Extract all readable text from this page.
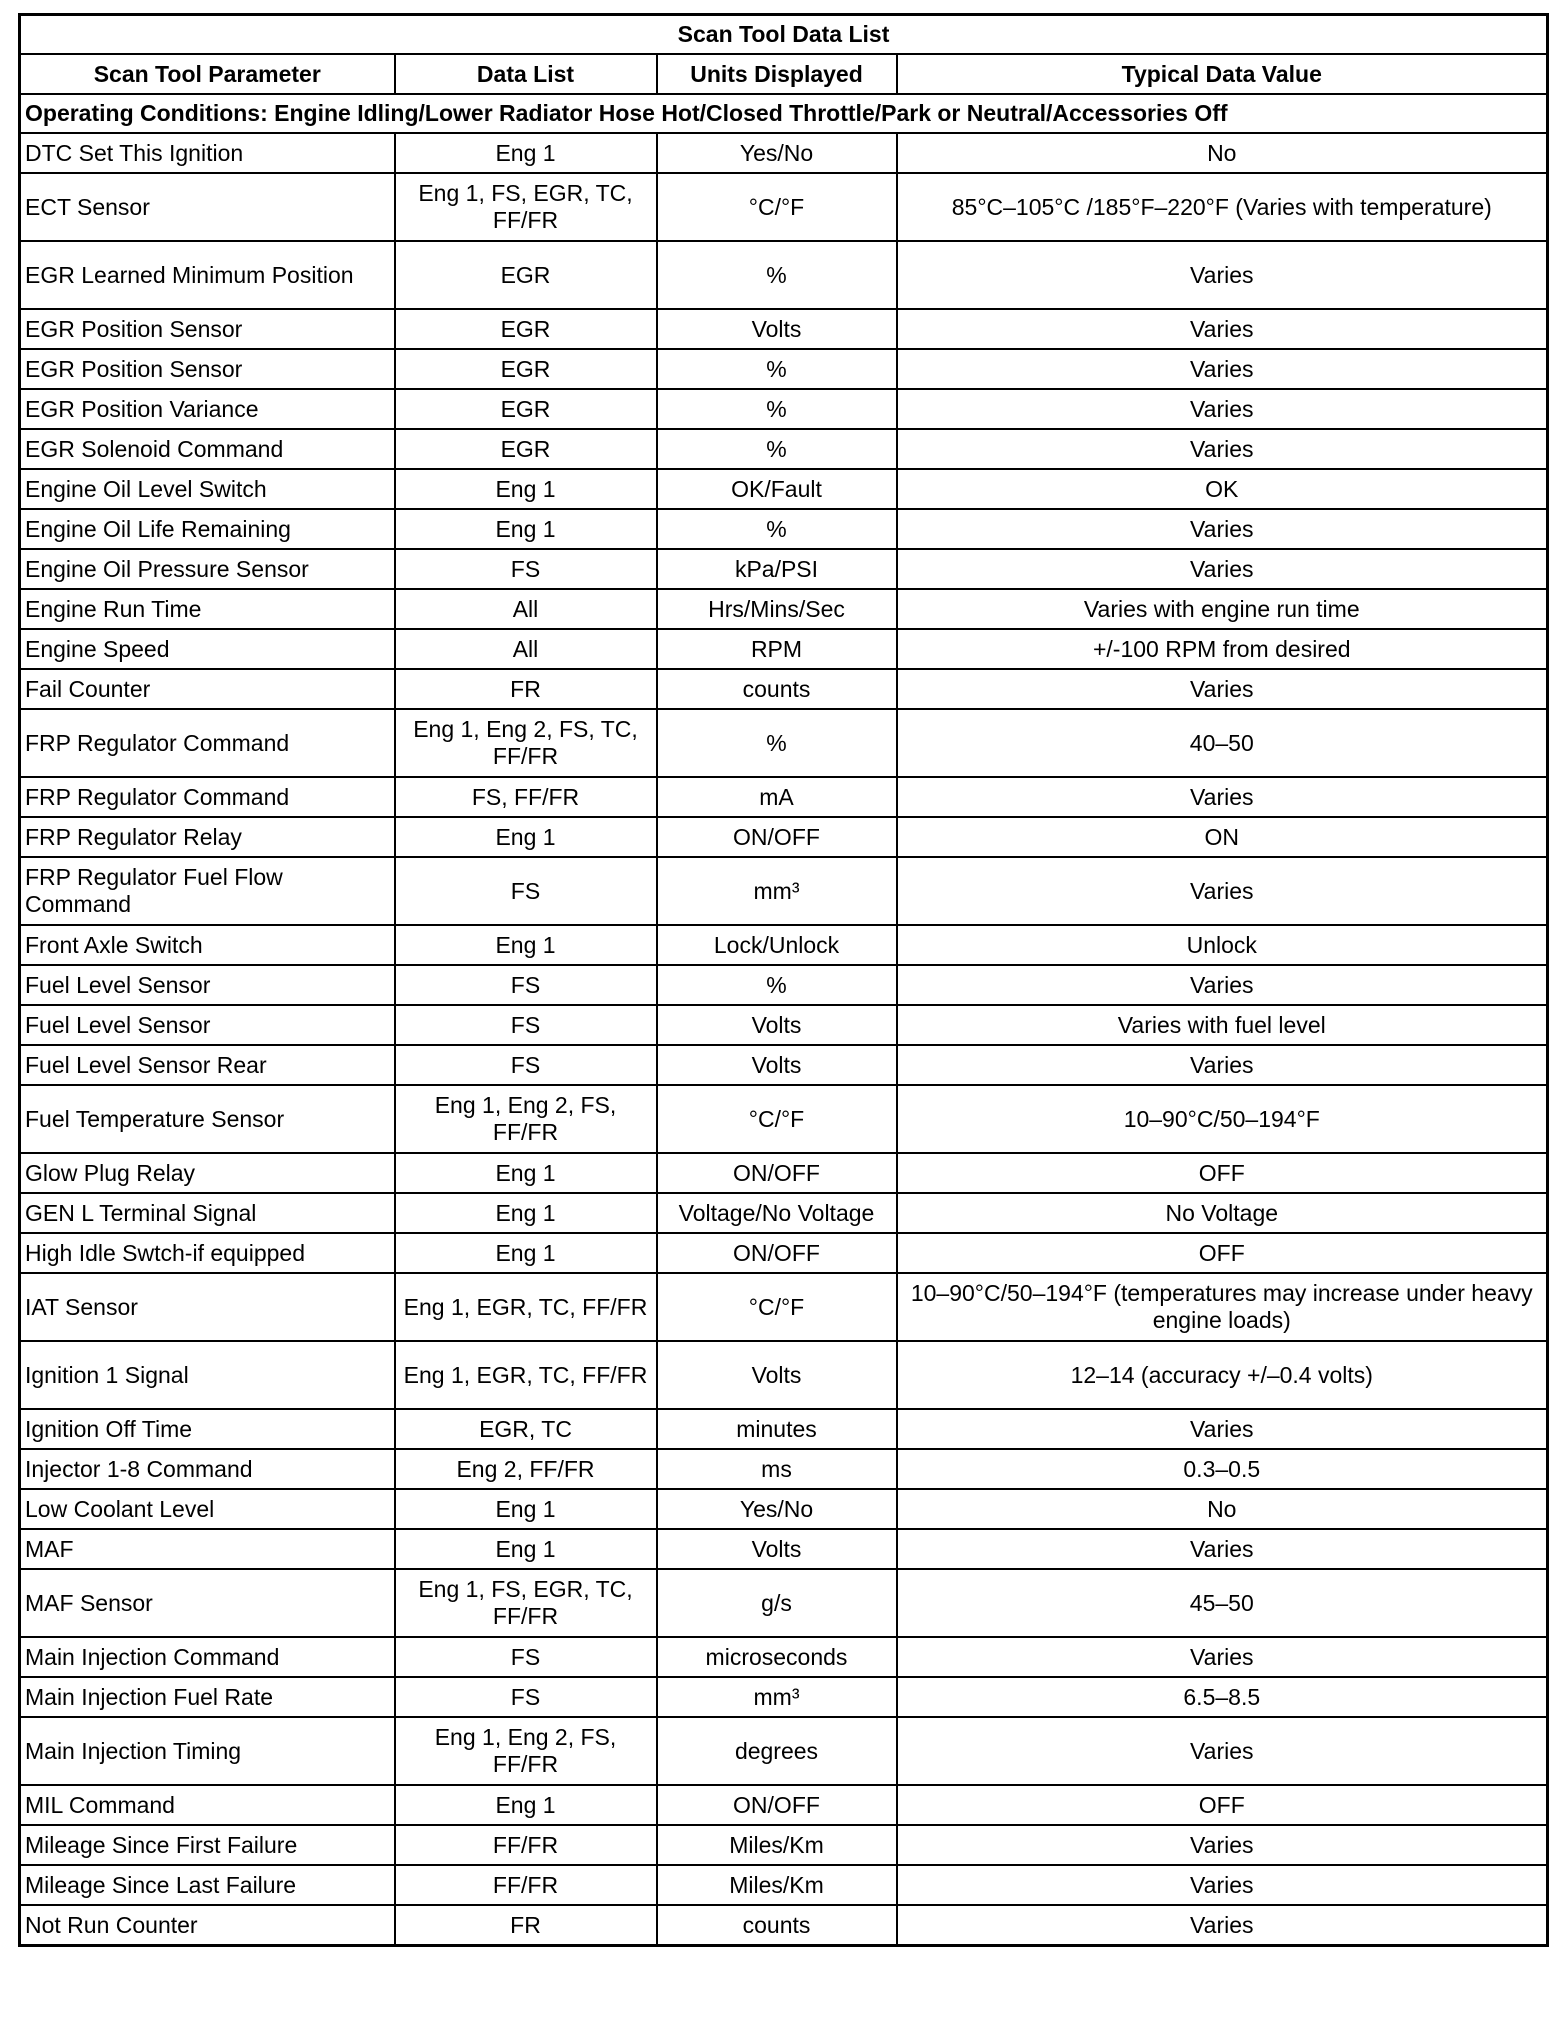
Scan Tool Data List			
Scan Tool Parameter	Data List	Units Displayed	Typical Data Value
Operating Conditions: Engine Idling/Lower Radiator Hose Hot/Closed Throttle/Park or Neutral/Accessories Off			
DTC Set This Ignition	Eng 1	Yes/No	No
ECT Sensor	Eng 1, FS, EGR, TC, FF/FR	°C/°F	85°C–105°C /185°F–220°F (Varies with temperature)
EGR Learned Minimum Position	EGR	%	Varies
EGR Position Sensor	EGR	Volts	Varies
EGR Position Sensor	EGR	%	Varies
EGR Position Variance	EGR	%	Varies
EGR Solenoid Command	EGR	%	Varies
Engine Oil Level Switch	Eng 1	OK/Fault	OK
Engine Oil Life Remaining	Eng 1	%	Varies
Engine Oil Pressure Sensor	FS	kPa/PSI	Varies
Engine Run Time	All	Hrs/Mins/Sec	Varies with engine run time
Engine Speed	All	RPM	+/-100 RPM from desired
Fail Counter	FR	counts	Varies
FRP Regulator Command	Eng 1, Eng 2, FS, TC, FF/FR	%	40–50
FRP Regulator Command	FS, FF/FR	mA	Varies
FRP Regulator Relay	Eng 1	ON/OFF	ON
FRP Regulator Fuel Flow Command	FS	mm³	Varies
Front Axle Switch	Eng 1	Lock/Unlock	Unlock
Fuel Level Sensor	FS	%	Varies
Fuel Level Sensor	FS	Volts	Varies with fuel level
Fuel Level Sensor Rear	FS	Volts	Varies
Fuel Temperature Sensor	Eng 1, Eng 2, FS, FF/FR	°C/°F	10–90°C/50–194°F
Glow Plug Relay	Eng 1	ON/OFF	OFF
GEN L Terminal Signal	Eng 1	Voltage/No Voltage	No Voltage
High Idle Swtch-if equipped	Eng 1	ON/OFF	OFF
IAT Sensor	Eng 1, EGR, TC, FF/FR	°C/°F	10–90°C/50–194°F (temperatures may increase under heavy engine loads)
Ignition 1 Signal	Eng 1, EGR, TC, FF/FR	Volts	12–14 (accuracy +/–0.4 volts)
Ignition Off Time	EGR, TC	minutes	Varies
Injector 1-8 Command	Eng 2, FF/FR	ms	0.3–0.5
Low Coolant Level	Eng 1	Yes/No	No
MAF	Eng 1	Volts	Varies
MAF Sensor	Eng 1, FS, EGR, TC, FF/FR	g/s	45–50
Main Injection Command	FS	microseconds	Varies
Main Injection Fuel Rate	FS	mm³	6.5–8.5
Main Injection Timing	Eng 1, Eng 2, FS, FF/FR	degrees	Varies
MIL Command	Eng 1	ON/OFF	OFF
Mileage Since First Failure	FF/FR	Miles/Km	Varies
Mileage Since Last Failure	FF/FR	Miles/Km	Varies
Not Run Counter	FR	counts	Varies
